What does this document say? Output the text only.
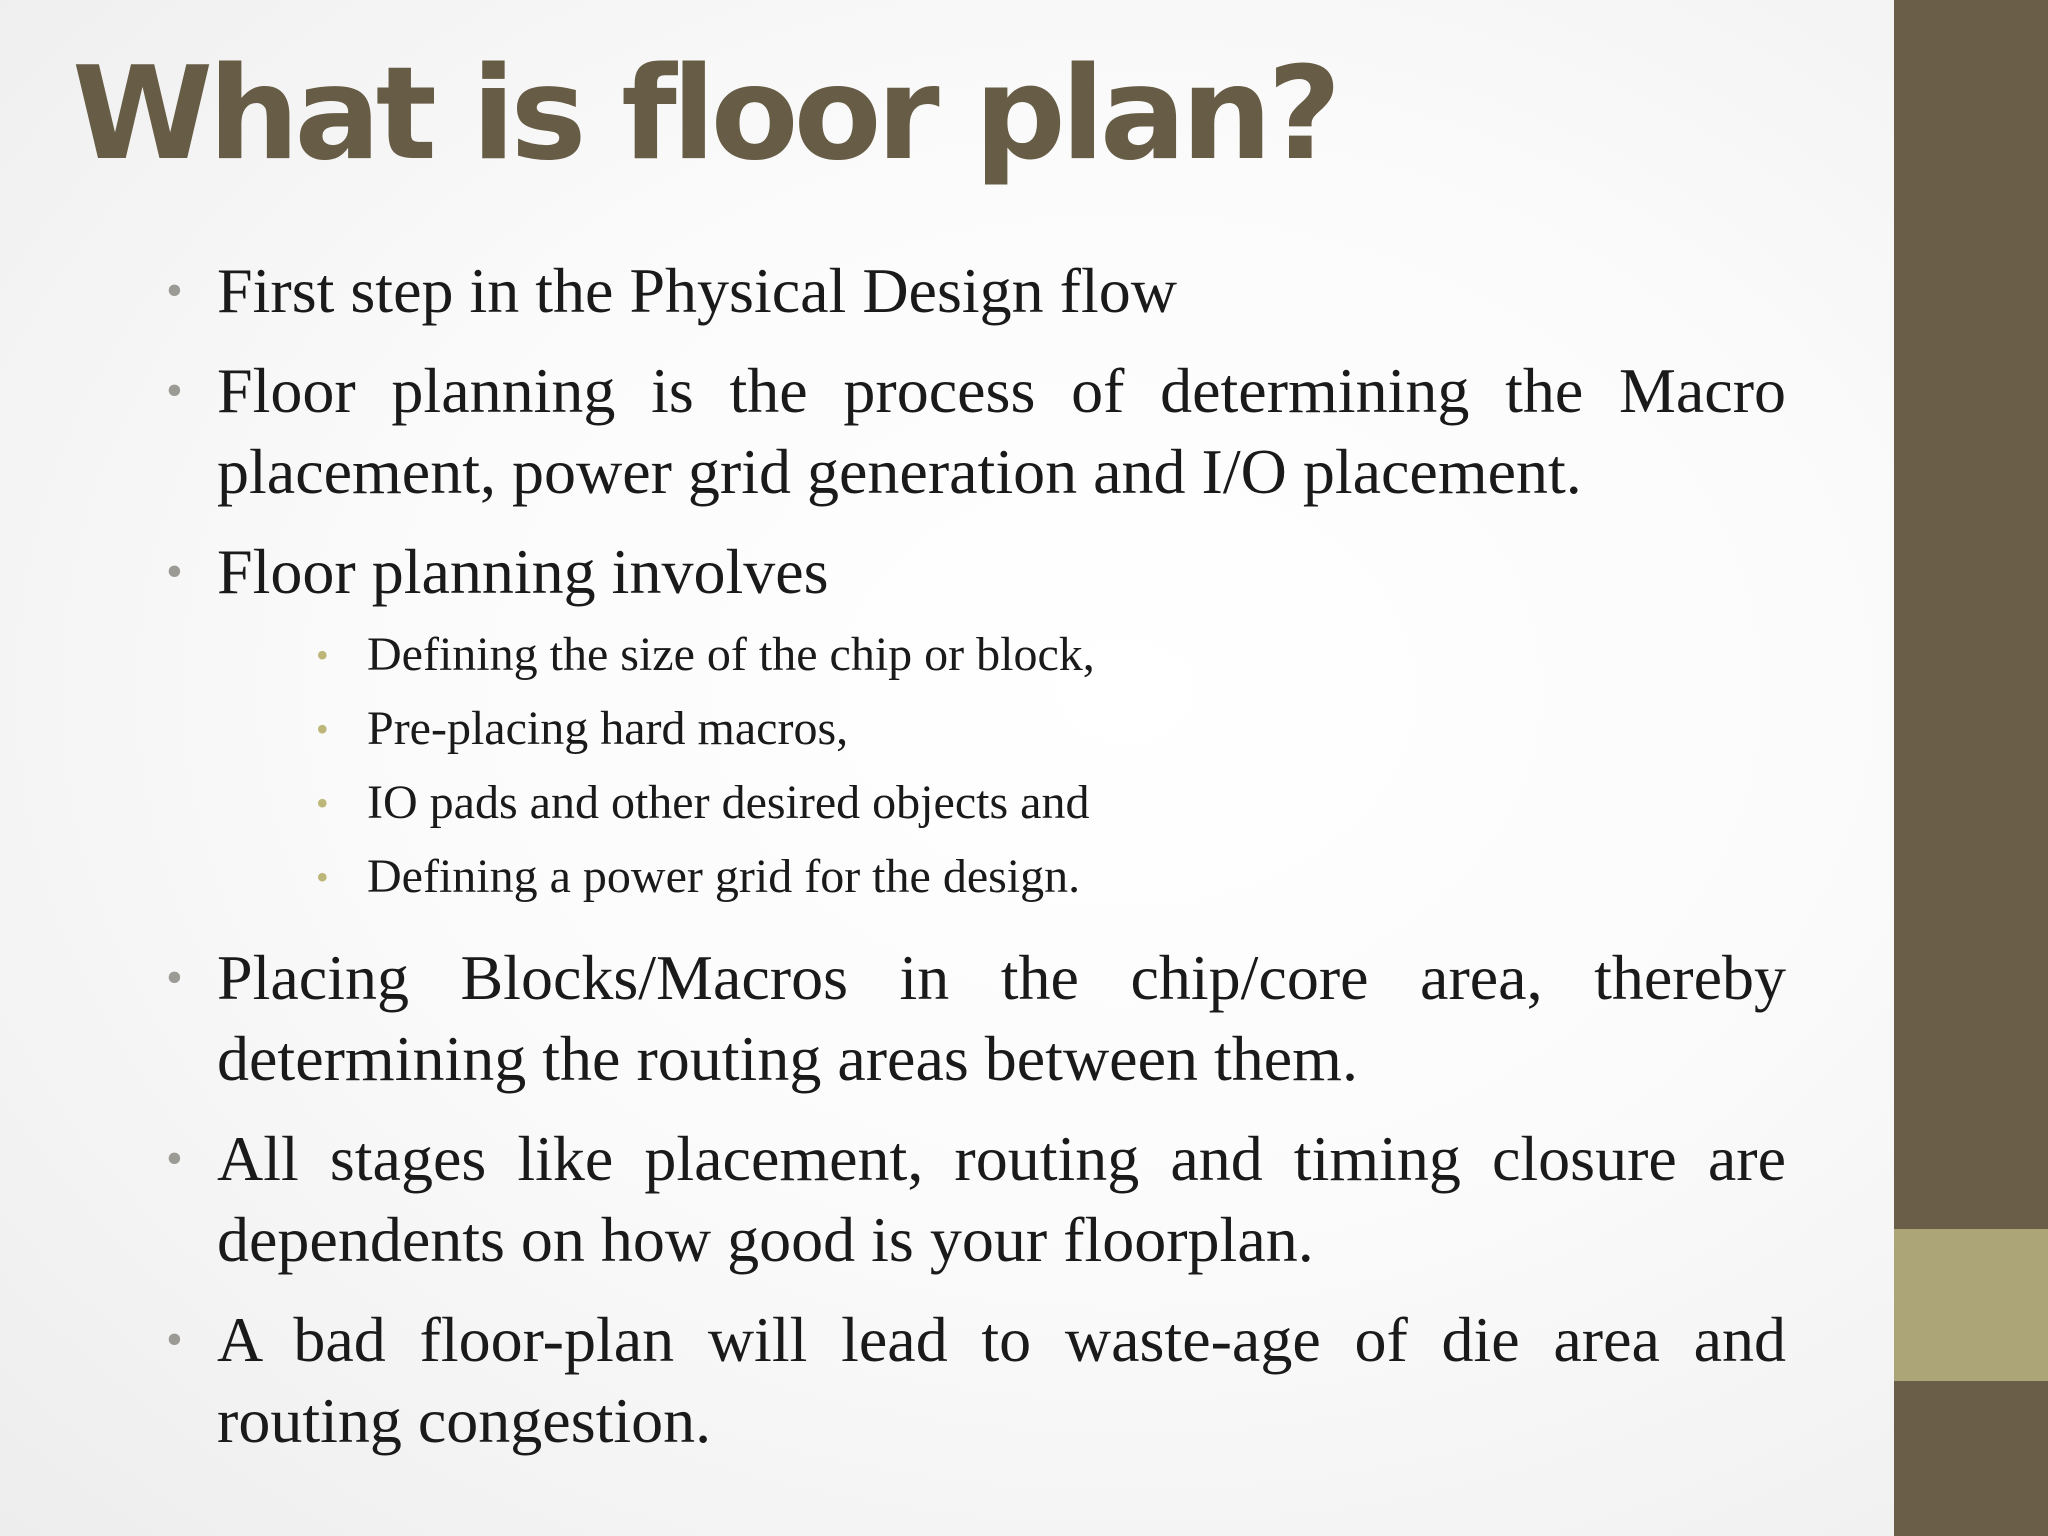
What is floor plan?
• First step in the Physical Design flow
• Floor planning is the process of determining the Macro placement, power grid generation and I/O placement.
• Floor planning involves
• Defining the size of the chip or block,
• Pre-placing hard macros,
• IO pads and other desired objects and
• Defining a power grid for the design.
• Placing Blocks/Macros in the chip/core area, thereby determining the routing areas between them.
• All stages like placement, routing and timing closure are dependents on how good is your floorplan.
• A bad floor-plan will lead to waste-age of die area and routing congestion.
